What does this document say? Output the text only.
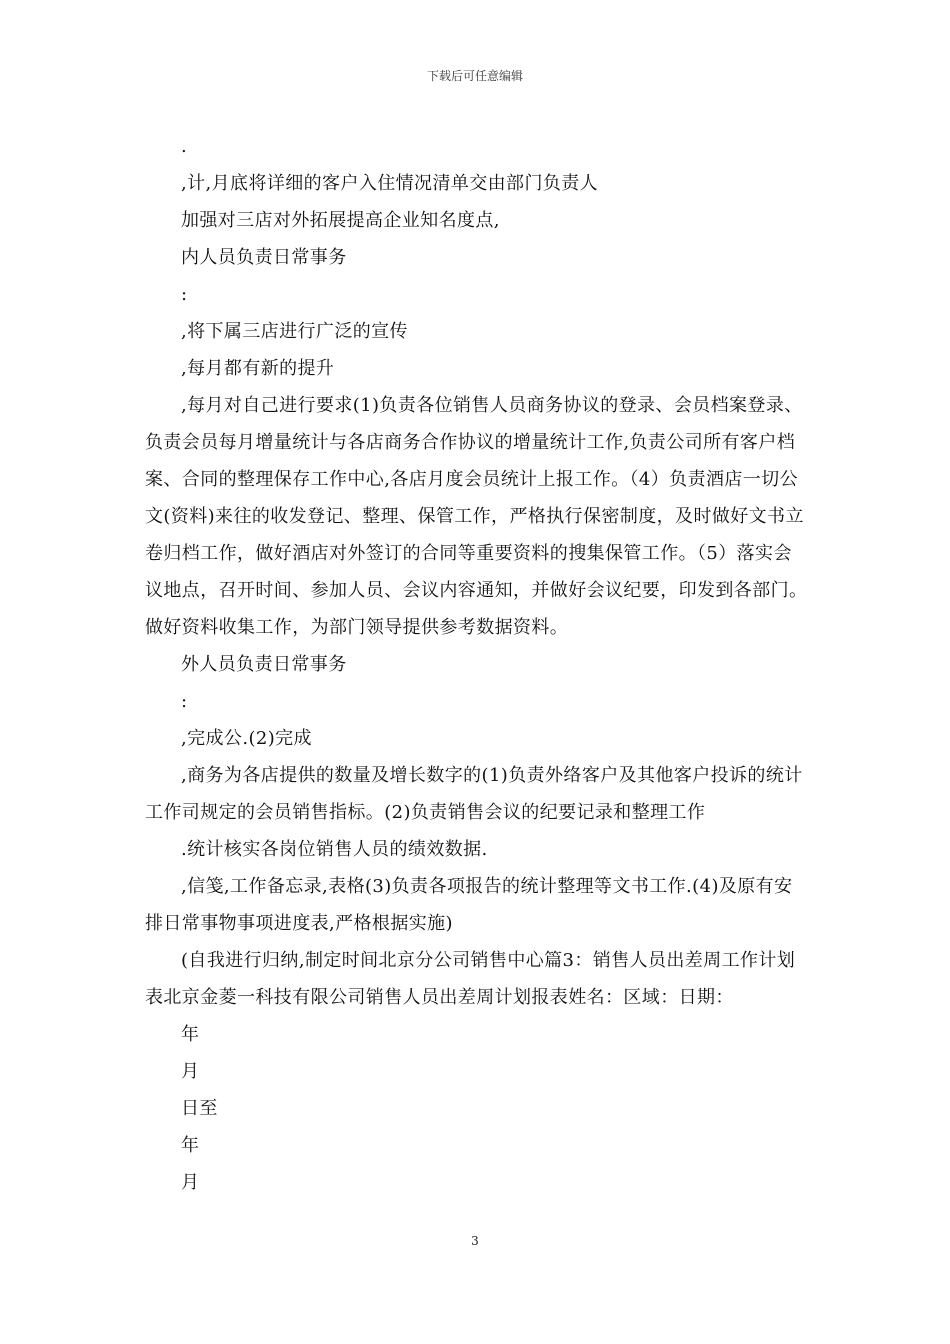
下载后可任意编辑

.

,计,月底将详细的客户入住情况清单交由部门负责人

加强对三店对外拓展提高企业知名度点,

内人员负责日常事务

:

,将下属三店进行广泛的宣传

,每月都有新的提升

,每月对自己进行要求(1)负责各位销售人员商务协议的登录、会员档案登录、负责会员每月增量统计与各店商务合作协议的增量统计工作,负责公司所有客户档案、合同的整理保存工作中心,各店月度会员统计上报工作。（4）负责酒店一切公文(资料)来往的收发登记、整理、保管工作，严格执行保密制度，及时做好文书立卷归档工作，做好酒店对外签订的合同等重要资料的搜集保管工作。（5）落实会议地点，召开时间、参加人员、会议内容通知，并做好会议纪要，印发到各部门。做好资料收集工作，为部门领导提供参考数据资料。

外人员负责日常事务

:

,完成公.(2)完成

,商务为各店提供的数量及增长数字的(1)负责外络客户及其他客户投诉的统计工作司规定的会员销售指标。(2)负责销售会议的纪要记录和整理工作

.统计核实各岗位销售人员的绩效数据.

,信笺,工作备忘录,表格(3)负责各项报告的统计整理等文书工作.(4)及原有安排日常事物事项进度表,严格根据实施)

(自我进行归纳,制定时间北京分公司销售中心篇3：销售人员出差周工作计划表北京金菱一科技有限公司销售人员出差周计划报表姓名：区域：日期：

年

月

日至

年

月

3
